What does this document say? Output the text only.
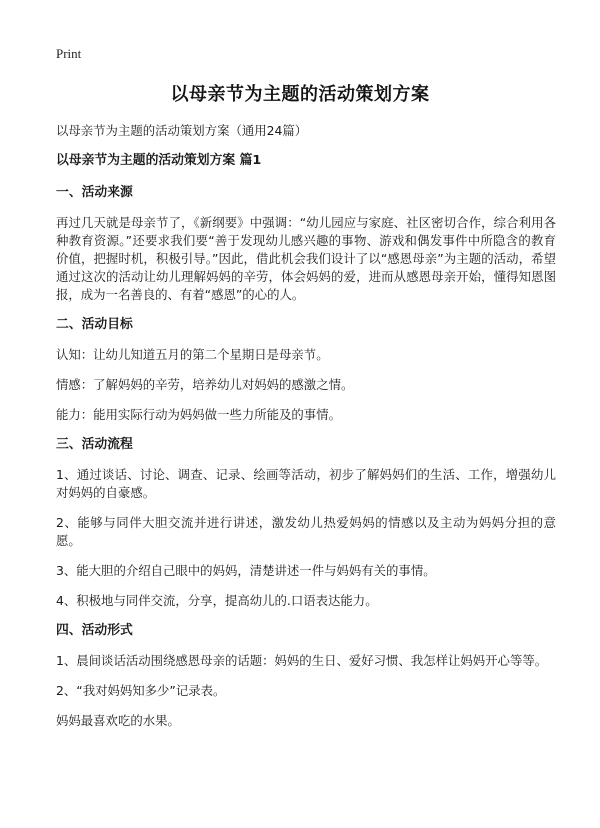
Print
以母亲节为主题的活动策划方案

以母亲节为主题的活动策划方案（通用24篇）

以母亲节为主题的活动策划方案 篇1

一、活动来源

再过几天就是母亲节了，《新纲要》中强调：“幼儿园应与家庭、社区密切合作，综合利用各种教育资源。”还要求我们要“善于发现幼儿感兴趣的事物、游戏和偶发事件中所隐含的教育价值，把握时机，积极引导。”因此，借此机会我们设计了以“感恩母亲”为主题的活动，希望通过这次的活动让幼儿理解妈妈的辛劳，体会妈妈的爱，进而从感恩母亲开始，懂得知恩图报，成为一名善良的、有着“感恩”的心的人。

二、活动目标

认知：让幼儿知道五月的第二个星期日是母亲节。

情感：了解妈妈的辛劳，培养幼儿对妈妈的感激之情。

能力：能用实际行动为妈妈做一些力所能及的事情。

三、活动流程

1、通过谈话、讨论、调查、记录、绘画等活动，初步了解妈妈们的生活、工作，增强幼儿对妈妈的自豪感。

2、能够与同伴大胆交流并进行讲述，激发幼儿热爱妈妈的情感以及主动为妈妈分担的意愿。

3、能大胆的介绍自己眼中的妈妈，清楚讲述一件与妈妈有关的事情。

4、积极地与同伴交流，分享，提高幼儿的.口语表达能力。

四、活动形式

1、晨间谈话活动围绕感恩母亲的话题：妈妈的生日、爱好习惯、我怎样让妈妈开心等等。

2、“我对妈妈知多少”记录表。

妈妈最喜欢吃的水果。
